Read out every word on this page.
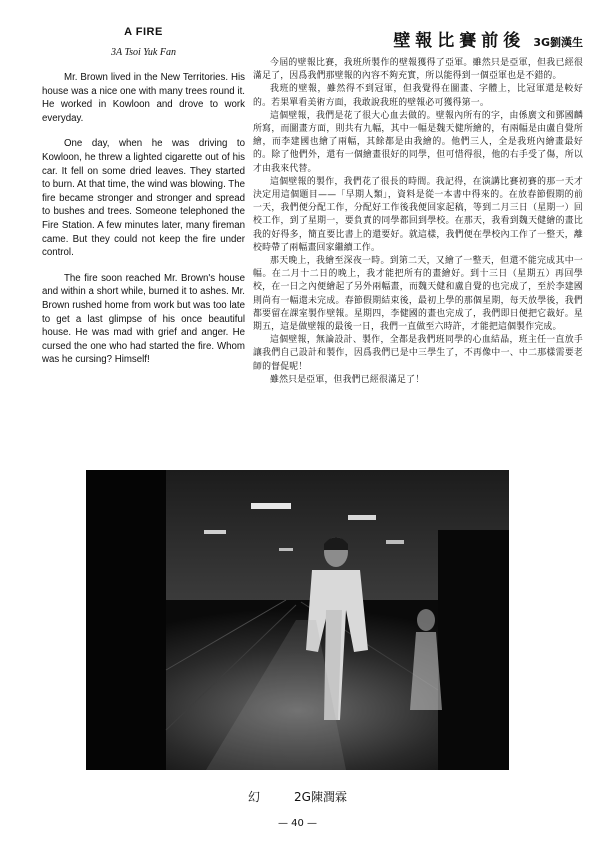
A FIRE
3A Tsoi Yuk Fan

Mr. Brown lived in the New Territories. His house was a nice one with many trees round it. He worked in Kowloon and drove to work everyday.

One day, when he was driving to Kowloon, he threw a lighted cigarette out of his car. It fell on some dried leaves. They started to burn. At that time, the wind was blowing. The fire became stronger and stronger and spread to bushes and trees. Someone telephoned the Fire Station. A few minutes later, many fireman came. But they could not keep the fire under control.

The fire soon reached Mr. Brown's house and within a short while, burned it to ashes. Mr. Brown rushed home from work but was too late to get a last glimpse of his once beautiful house. He was mad with grief and anger. He cursed the one who had started the fire. Whom was he cursing? Himself!

壁報比賽前後 3G劉漢生

今屆的壁報比賽，我班所製作的壁報獲得了亞軍。雖然只是亞軍，但我已經很滿足了，因爲我們那壁報的內容不夠充實，所以能得到一個亞軍也是不錯的。

我班的壁報，雖然得不到冠軍，但我覺得在圖畫、字體上，比冠軍還是較好的。若果單看美術方面，我敢說我班的壁報必可獲得第一。

這個壁報，我們是花了很大心血去做的。壁報內所有的字，由係廣文和鄧國麟所寫，而圖畫方面，則共有九幅，其中一幅是魏天健所繪的，有兩幅是由盧自覺所繪，而李建國也繪了兩幅，其餘都是由我繪的。他們三人，全是我班內繪畫最好的。除了他們外，還有一個繪畫很好的同學，但可惜得很，他的右手受了傷，所以才由我來代替。

這個壁報的製作，我們花了很長的時間。我記得，在演講比賽初賽的那一天才決定用這個題目——「早期人類」，資料是從一本書中得來的。在放春節假期的前一天，我們便分配工作，分配好工作後我便回家起稿，等到二月三日（星期一）回校工作，到了星期一，要負責的同學都回到學校。在那天，我看到魏天健繪的畫比我的好得多，簡直要比書上的還要好。就這樣，我們便在學校內工作了一整天，離校時帶了兩幅畫回家繼續工作。

那天晚上，我繪至深夜一時。到第二天，又繪了一整天，但還不能完成其中一幅。在二月十二日的晚上，我才能把所有的畫繪好。到十三日（星期五）再回學校，在一日之內便繪起了另外兩幅畫，而魏天健和盧自覺的也完成了，至於李建國則尚有一幅還未完成。春節假期結束後，最初上學的那個星期，每天放學後，我們都要留在課室製作壁報。星期四，李健國的畫也完成了，我們即日便把它裁好。星期五，這是做壁報的最後一日，我們一直做至六時許，才能把這個製作完成。

這個壁報，無論設計、製作，全都是我們班同學的心血結晶，班主任一直放手讓我們自己設計和製作，因爲我們已是中三學生了，不再像中一、中二那樣需要老師的督促呢！

雖然只是亞軍，但我們已經很滿足了！

幻	2G陳潤霖
— 40 —
